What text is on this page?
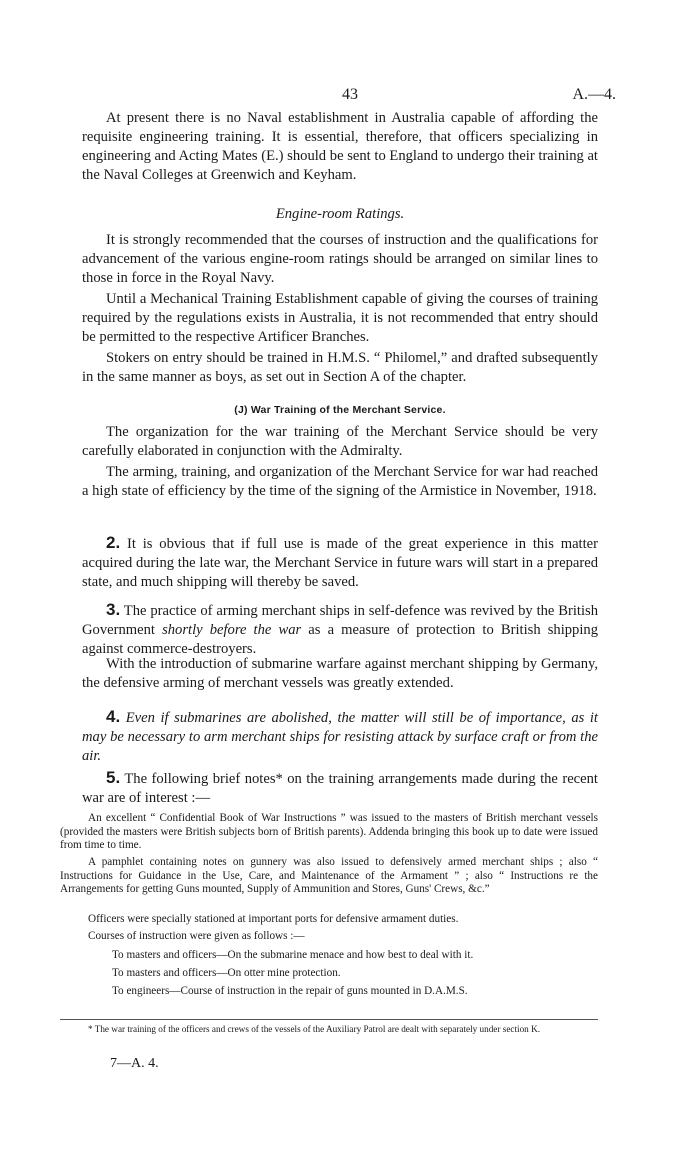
43	A.—4.

At present there is no Naval establishment in Australia capable of affording the requisite engineering training. It is essential, therefore, that officers specializing in engineering and Acting Mates (E.) should be sent to England to undergo their training at the Naval Colleges at Greenwich and Keyham.

Engine-room Ratings.

It is strongly recommended that the courses of instruction and the qualifications for advancement of the various engine-room ratings should be arranged on similar lines to those in force in the Royal Navy.

Until a Mechanical Training Establishment capable of giving the courses of training required by the regulations exists in Australia, it is not recommended that entry should be permitted to the respective Artificer Branches.

Stokers on entry should be trained in H.M.S. “ Philomel,” and drafted subsequently in the same manner as boys, as set out in Section A of the chapter.

(J) War Training of the Merchant Service.

The organization for the war training of the Merchant Service should be very carefully elaborated in conjunction with the Admiralty.

The arming, training, and organization of the Merchant Service for war had reached a high state of efficiency by the time of the signing of the Armistice in November, 1918.

2. It is obvious that if full use is made of the great experience in this matter acquired during the late war, the Merchant Service in future wars will start in a prepared state, and much shipping will thereby be saved.

3. The practice of arming merchant ships in self-defence was revived by the British Government shortly before the war as a measure of protection to British shipping against commerce-destroyers.

With the introduction of submarine warfare against merchant shipping by Germany, the defensive arming of merchant vessels was greatly extended.

4. Even if submarines are abolished, the matter will still be of importance, as it may be necessary to arm merchant ships for resisting attack by surface craft or from the air.

5. The following brief notes* on the training arrangements made during the recent war are of interest :—

An excellent “ Confidential Book of War Instructions ” was issued to the masters of British merchant vessels (provided the masters were British subjects born of British parents). Addenda bringing this book up to date were issued from time to time.

A pamphlet containing notes on gunnery was also issued to defensively armed merchant ships ; also “ Instructions for Guidance in the Use, Care, and Maintenance of the Armament ” ; also “ Instructions re the Arrangements for getting Guns mounted, Supply of Ammunition and Stores, Guns' Crews, &c.”

Officers were specially stationed at important ports for defensive armament duties.

Courses of instruction were given as follows :—

To masters and officers—On the submarine menace and how best to deal with it.

To masters and officers—On otter mine protection.

To engineers—Course of instruction in the repair of guns mounted in D.A.M.S.

* The war training of the officers and crews of the vessels of the Auxiliary Patrol are dealt with separately under section K.

7—A. 4.
